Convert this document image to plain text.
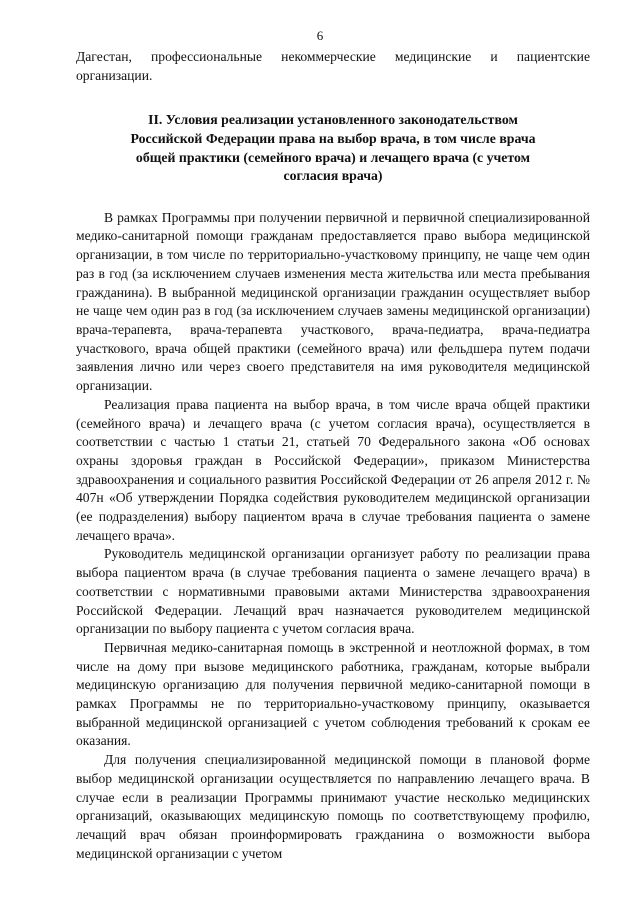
6

Дагестан, профессиональные некоммерческие медицинские и пациентские организации.

II. Условия реализации установленного законодательством Российской Федерации права на выбор врача, в том числе врача общей практики (семейного врача) и лечащего врача (с учетом согласия врача)

В рамках Программы при получении первичной и первичной специализированной медико-санитарной помощи гражданам предоставляется право выбора медицинской организации, в том числе по территориально-участковому принципу, не чаще чем один раз в год (за исключением случаев изменения места жительства или места пребывания гражданина). В выбранной медицинской организации гражданин осуществляет выбор не чаще чем один раз в год (за исключением случаев замены медицинской организации) врача-терапевта, врача-терапевта участкового, врача-педиатра, врача-педиатра участкового, врача общей практики (семейного врача) или фельдшера путем подачи заявления лично или через своего представителя на имя руководителя медицинской организации.

Реализация права пациента на выбор врача, в том числе врача общей практики (семейного врача) и лечащего врача (с учетом согласия врача), осуществляется в соответствии с частью 1 статьи 21, статьей 70 Федерального закона «Об основах охраны здоровья граждан в Российской Федерации», приказом Министерства здравоохранения и социального развития Российской Федерации от 26 апреля 2012 г. № 407н «Об утверждении Порядка содействия руководителем медицинской организации (ее подразделения) выбору пациентом врача в случае требования пациента о замене лечащего врача».

Руководитель медицинской организации организует работу по реализации права выбора пациентом врача (в случае требования пациента о замене лечащего врача) в соответствии с нормативными правовыми актами Министерства здравоохранения Российской Федерации. Лечащий врач назначается руководителем медицинской организации по выбору пациента с учетом согласия врача.

Первичная медико-санитарная помощь в экстренной и неотложной формах, в том числе на дому при вызове медицинского работника, гражданам, которые выбрали медицинскую организацию для получения первичной медико-санитарной помощи в рамках Программы не по территориально-участковому принципу, оказывается выбранной медицинской организацией с учетом соблюдения требований к срокам ее оказания.

Для получения специализированной медицинской помощи в плановой форме выбор медицинской организации осуществляется по направлению лечащего врача. В случае если в реализации Программы принимают участие несколько медицинских организаций, оказывающих медицинскую помощь по соответствующему профилю, лечащий врач обязан проинформировать гражданина о возможности выбора медицинской организации с учетом
